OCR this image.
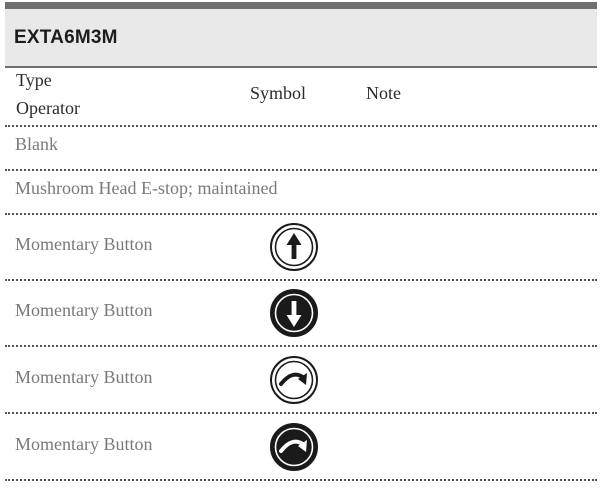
EXTA6M3M
Type
Operator
Symbol	Note
Blank
Mushroom Head E-stop; maintained
Momentary Button
Momentary Button
Momentary Button
Momentary Button
